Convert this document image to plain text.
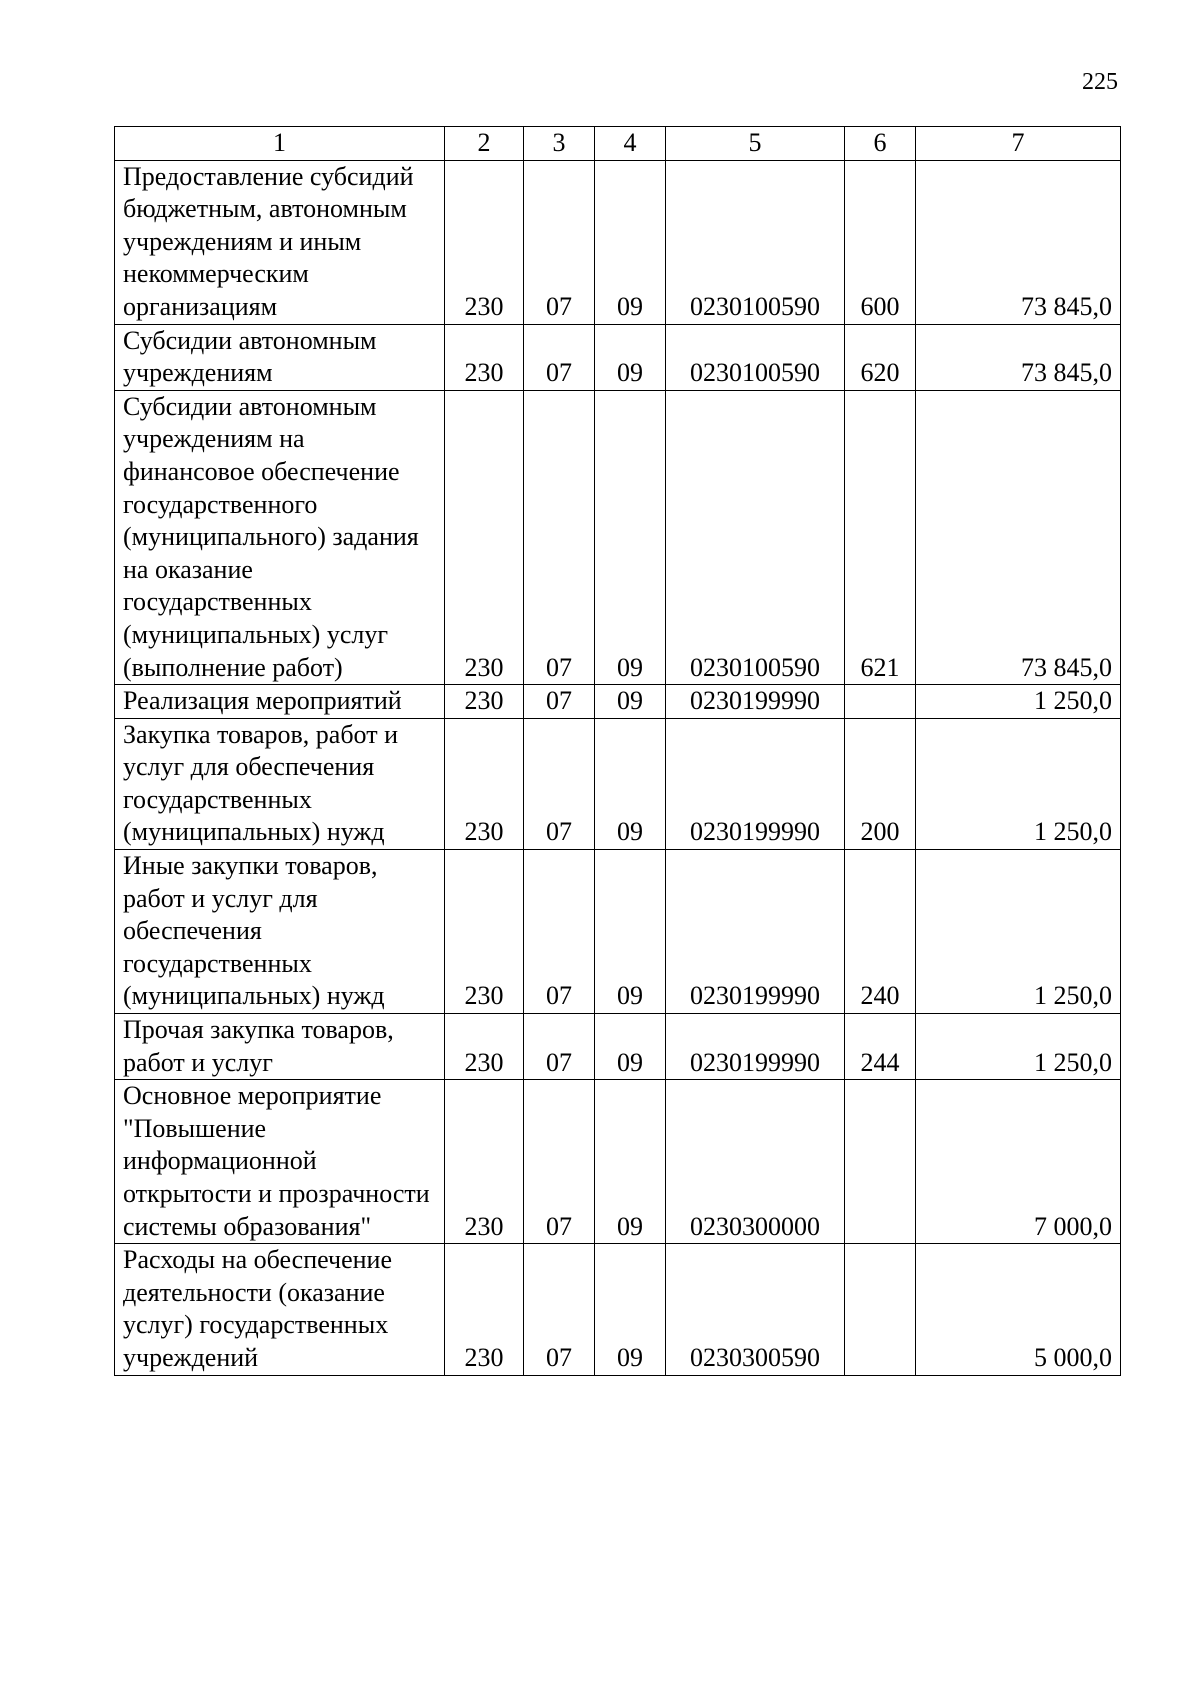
225
1	2	3	4	5	6	7
Предоставление субсидий бюджетным, автономным учреждениям и иным некоммерческим организациям	230	07	09	0230100590	600	73 845,0
Субсидии автономным учреждениям	230	07	09	0230100590	620	73 845,0
Субсидии автономным учреждениям на финансовое обеспечение государственного (муниципального) задания на оказание государственных (муниципальных) услуг (выполнение работ)	230	07	09	0230100590	621	73 845,0
Реализация мероприятий	230	07	09	0230199990		1 250,0
Закупка товаров, работ и услуг для обеспечения государственных (муниципальных) нужд	230	07	09	0230199990	200	1 250,0
Иные закупки товаров, работ и услуг для обеспечения государственных (муниципальных) нужд	230	07	09	0230199990	240	1 250,0
Прочая закупка товаров, работ и услуг	230	07	09	0230199990	244	1 250,0
Основное мероприятие "Повышение информационной открытости и прозрачности системы образования"	230	07	09	0230300000		7 000,0
Расходы на обеспечение деятельности (оказание услуг) государственных учреждений	230	07	09	0230300590		5 000,0
